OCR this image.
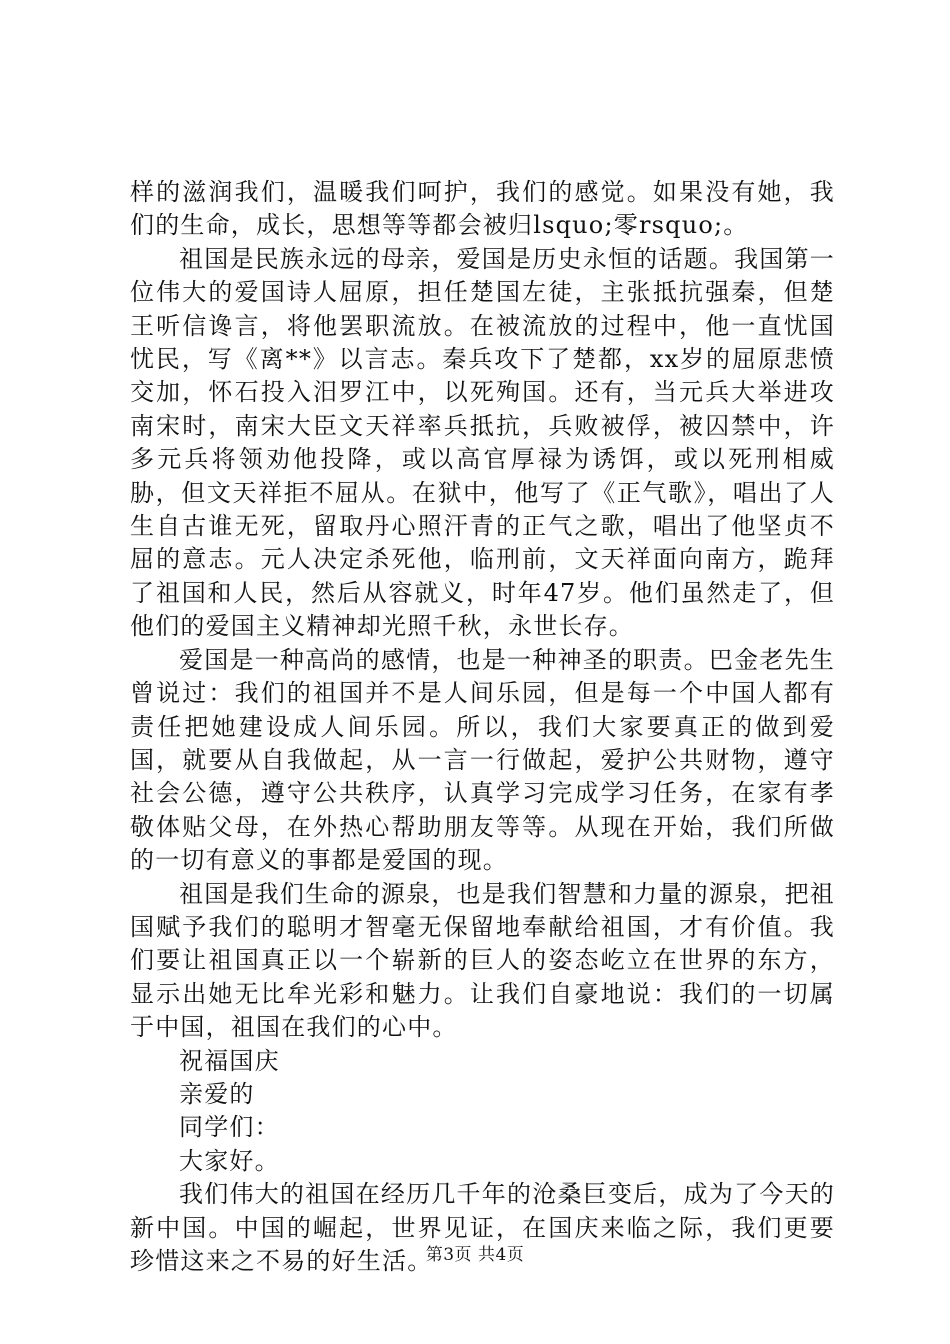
样的滋润我们，温暖我们呵护，我们的感觉。如果没有她，我们的生命，成长，思想等等都会被归lsquo;零rsquo;。

祖国是民族永远的母亲，爱国是历史永恒的话题。我国第一位伟大的爱国诗人屈原，担任楚国左徒，主张抵抗强秦，但楚王听信谗言，将他罢职流放。在被流放的过程中，他一直忧国忧民，写《离**》以言志。秦兵攻下了楚都，xx岁的屈原悲愤交加，怀石投入汨罗江中，以死殉国。还有，当元兵大举进攻南宋时，南宋大臣文天祥率兵抵抗，兵败被俘，被囚禁中，许多元兵将领劝他投降，或以高官厚禄为诱饵，或以死刑相威胁，但文天祥拒不屈从。在狱中，他写了《正气歌》，唱出了人生自古谁无死，留取丹心照汗青的正气之歌，唱出了他坚贞不屈的意志。元人决定杀死他，临刑前，文天祥面向南方，跪拜了祖国和人民，然后从容就义，时年47岁。他们虽然走了，但他们的爱国主义精神却光照千秋，永世长存。

爱国是一种高尚的感情，也是一种神圣的职责。巴金老先生曾说过：我们的祖国并不是人间乐园，但是每一个中国人都有责任把她建设成人间乐园。所以，我们大家要真正的做到爱国，就要从自我做起，从一言一行做起，爱护公共财物，遵守社会公德，遵守公共秩序，认真学习完成学习任务，在家有孝敬体贴父母，在外热心帮助朋友等等。从现在开始，我们所做的一切有意义的事都是爱国的现。

祖国是我们生命的源泉，也是我们智慧和力量的源泉，把祖国赋予我们的聪明才智毫无保留地奉献给祖国，才有价值。我们要让祖国真正以一个崭新的巨人的姿态屹立在世界的东方，显示出她无比牟光彩和魅力。让我们自豪地说：我们的一切属于中国，祖国在我们的心中。

祝福国庆

亲爱的

同学们：

大家好。

我们伟大的祖国在经历几千年的沧桑巨变后，成为了今天的新中国。中国的崛起，世界见证，在国庆来临之际，我们更要珍惜这来之不易的好生活。

第3页 共4页
